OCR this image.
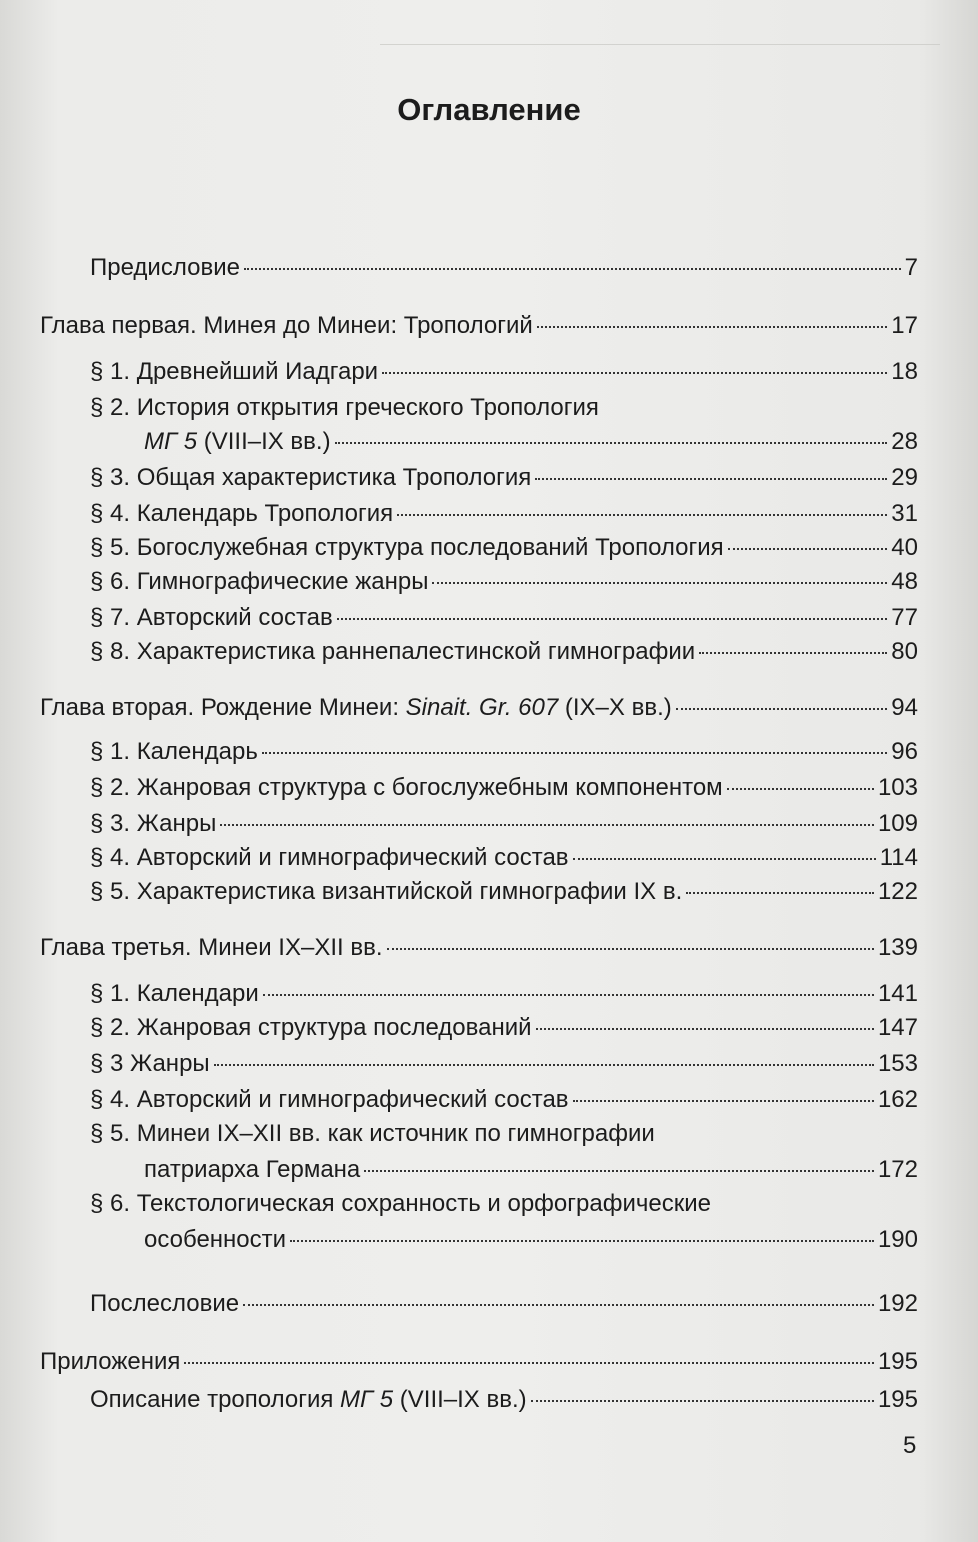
Оглавление
Предисловие	7
Глава первая. Минея до Минеи: Тропологий	17
§ 1. Древнейший Иадгари	18
§ 2. История открытия греческого Тропология
МГ 5 (VIII–IX вв.)	28
§ 3. Общая характеристика Тропология	29
§ 4. Календарь Тропология	31
§ 5. Богослужебная структура последований Тропология	40
§ 6. Гимнографические жанры	48
§ 7. Авторский состав	77
§ 8. Характеристика раннепалестинской гимнографии	80
Глава вторая. Рождение Минеи: Sinait. Gr. 607 (IX–X вв.)	94
§ 1. Календарь	96
§ 2. Жанровая структура с богослужебным компонентом	103
§ 3. Жанры	109
§ 4. Авторский и гимнографический состав	114
§ 5. Характеристика византийской гимнографии IX в.	122
Глава третья. Минеи IX–XII вв.	139
§ 1. Календари	141
§ 2. Жанровая структура последований	147
§ 3 Жанры	153
§ 4. Авторский и гимнографический состав	162
§ 5. Минеи IX–XII вв. как источник по гимнографии
патриарха Германа	172
§ 6. Текстологическая сохранность и орфографические
особенности	190
Послесловие	192
Приложения	195
Описание тропология МГ 5 (VIII–IX вв.)	195
5
